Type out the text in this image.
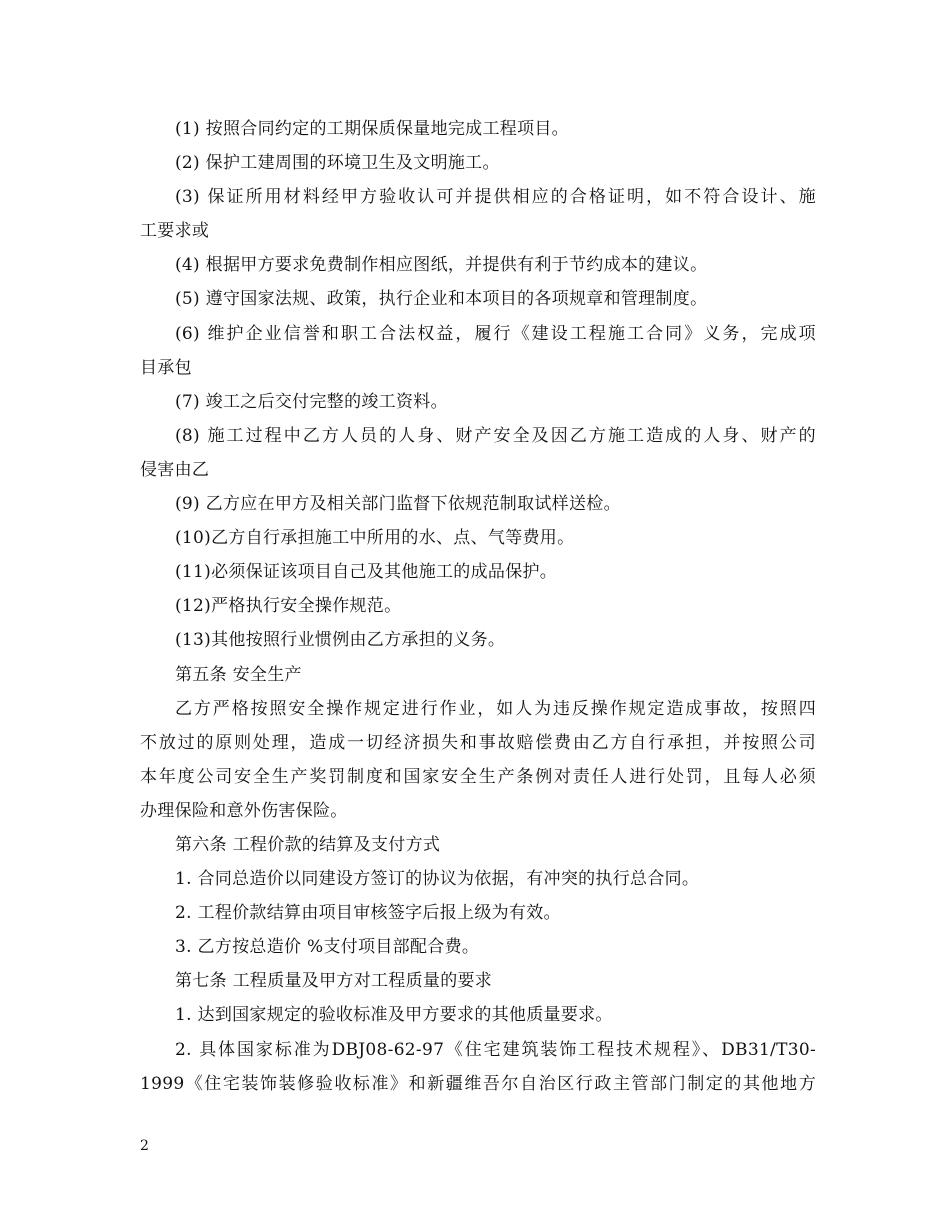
(1) 按照合同约定的工期保质保量地完成工程项目。
(2) 保护工建周围的环境卫生及文明施工。
(3) 保证所用材料经甲方验收认可并提供相应的合格证明，如不符合设计、施
工要求或
(4) 根据甲方要求免费制作相应图纸，并提供有利于节约成本的建议。
(5) 遵守国家法规、政策，执行企业和本项目的各项规章和管理制度。
(6) 维护企业信誉和职工合法权益，履行《建设工程施工合同》义务，完成项
目承包
(7) 竣工之后交付完整的竣工资料。
(8) 施工过程中乙方人员的人身、财产安全及因乙方施工造成的人身、财产的
侵害由乙
(9) 乙方应在甲方及相关部门监督下依规范制取试样送检。
(10)乙方自行承担施工中所用的水、点、气等费用。
(11)必须保证该项目自己及其他施工的成品保护。
(12)严格执行安全操作规范。
(13)其他按照行业惯例由乙方承担的义务。
第五条 安全生产
乙方严格按照安全操作规定进行作业，如人为违反操作规定造成事故，按照四
不放过的原则处理，造成一切经济损失和事故赔偿费由乙方自行承担，并按照公司
本年度公司安全生产奖罚制度和国家安全生产条例对责任人进行处罚，且每人必须
办理保险和意外伤害保险。
第六条 工程价款的结算及支付方式
1. 合同总造价以同建设方签订的协议为依据，有冲突的执行总合同。
2. 工程价款结算由项目审核签字后报上级为有效。
3. 乙方按总造价 %支付项目部配合费。
第七条 工程质量及甲方对工程质量的要求
1. 达到国家规定的验收标准及甲方要求的其他质量要求。
2. 具体国家标准为DBJ08-62-97《住宅建筑装饰工程技术规程》、DB31/T30-
1999《住宅装饰装修验收标准》和新疆维吾尔自治区行政主管部门制定的其他地方
2
